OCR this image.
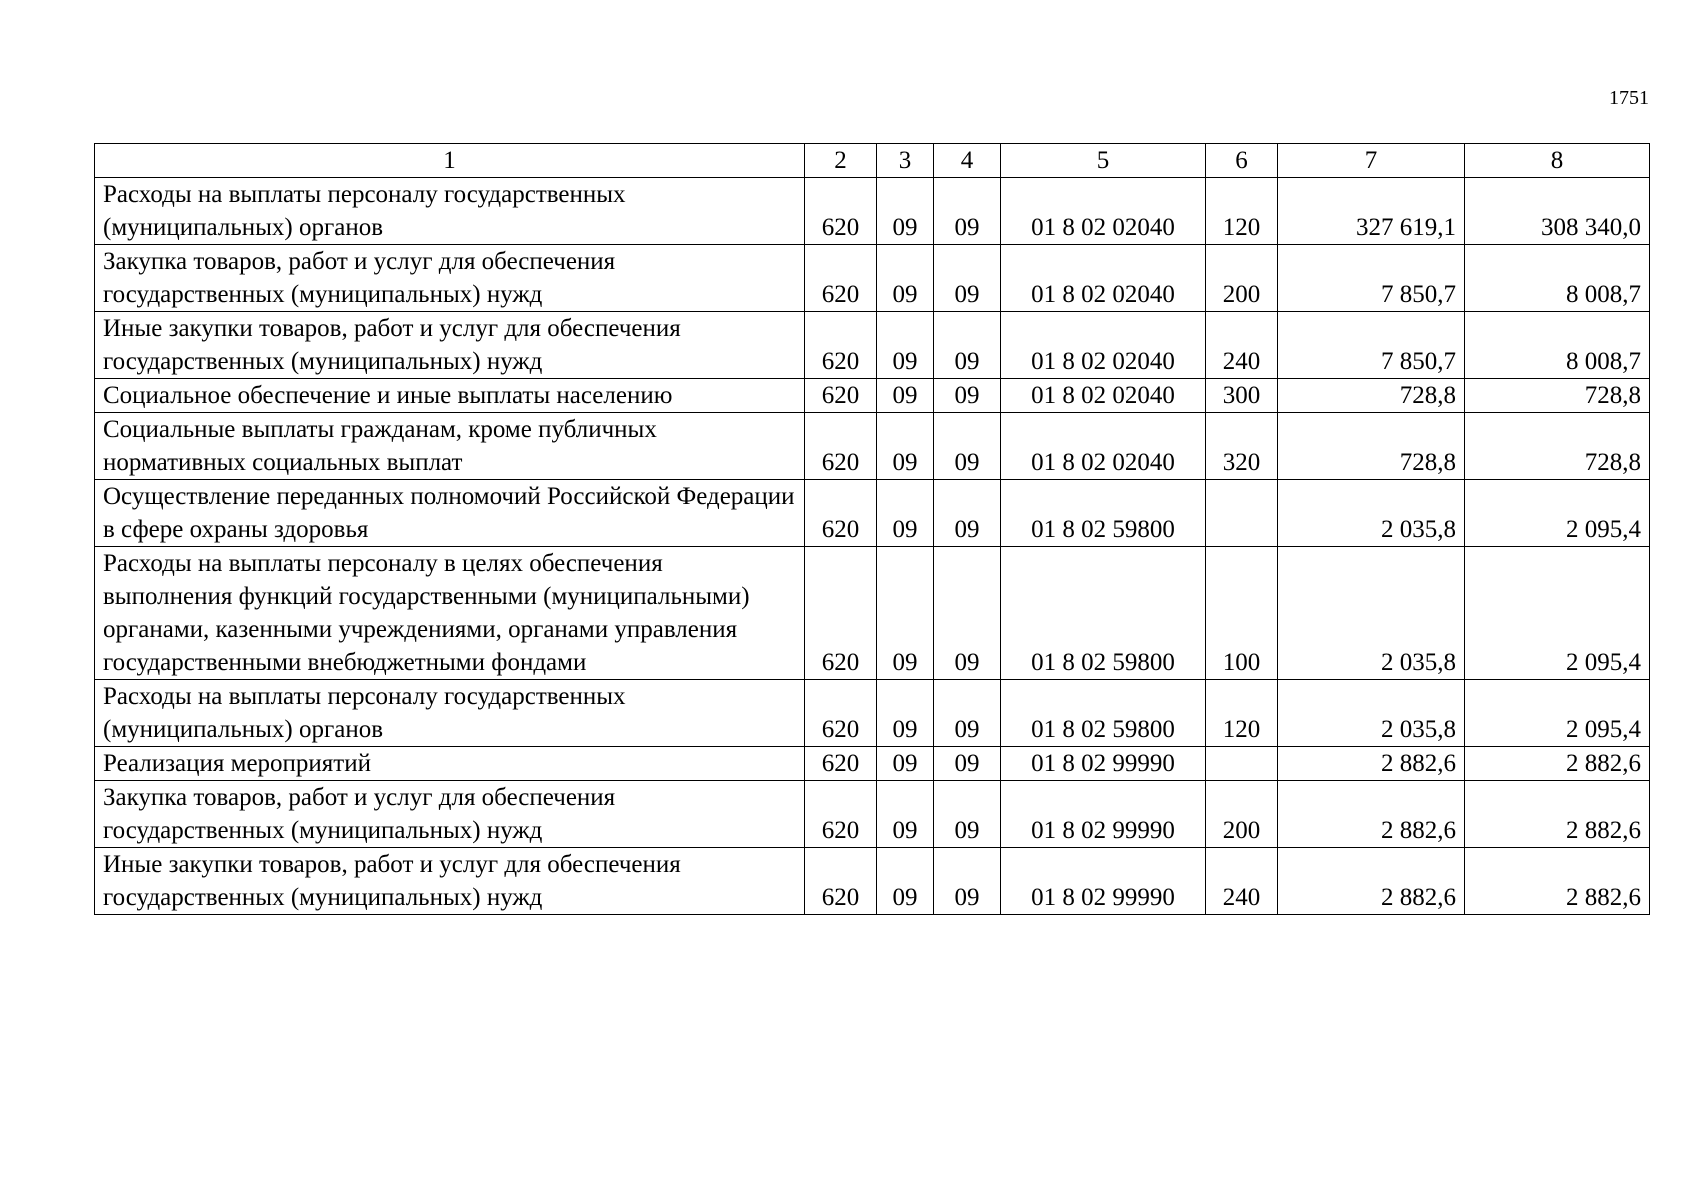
1751
1	2	3	4	5	6	7	8
Расходы на выплаты персоналу государственных (муниципальных) органов	620	09	09	01 8 02 02040	120	327 619,1	308 340,0
Закупка товаров, работ и услуг для обеспечения государственных (муниципальных) нужд	620	09	09	01 8 02 02040	200	7 850,7	8 008,7
Иные закупки товаров, работ и услуг для обеспечения государственных (муниципальных) нужд	620	09	09	01 8 02 02040	240	7 850,7	8 008,7
Социальное обеспечение и иные выплаты населению	620	09	09	01 8 02 02040	300	728,8	728,8
Социальные выплаты гражданам, кроме публичных нормативных социальных выплат	620	09	09	01 8 02 02040	320	728,8	728,8
Осуществление переданных полномочий Российской Федерации в сфере охраны здоровья	620	09	09	01 8 02 59800		2 035,8	2 095,4
Расходы на выплаты персоналу в целях обеспечения выполнения функций государственными (муниципальными) органами, казенными учреждениями, органами управления государственными внебюджетными фондами	620	09	09	01 8 02 59800	100	2 035,8	2 095,4
Расходы на выплаты персоналу государственных (муниципальных) органов	620	09	09	01 8 02 59800	120	2 035,8	2 095,4
Реализация мероприятий	620	09	09	01 8 02 99990		2 882,6	2 882,6
Закупка товаров, работ и услуг для обеспечения государственных (муниципальных) нужд	620	09	09	01 8 02 99990	200	2 882,6	2 882,6
Иные закупки товаров, работ и услуг для обеспечения государственных (муниципальных) нужд	620	09	09	01 8 02 99990	240	2 882,6	2 882,6
